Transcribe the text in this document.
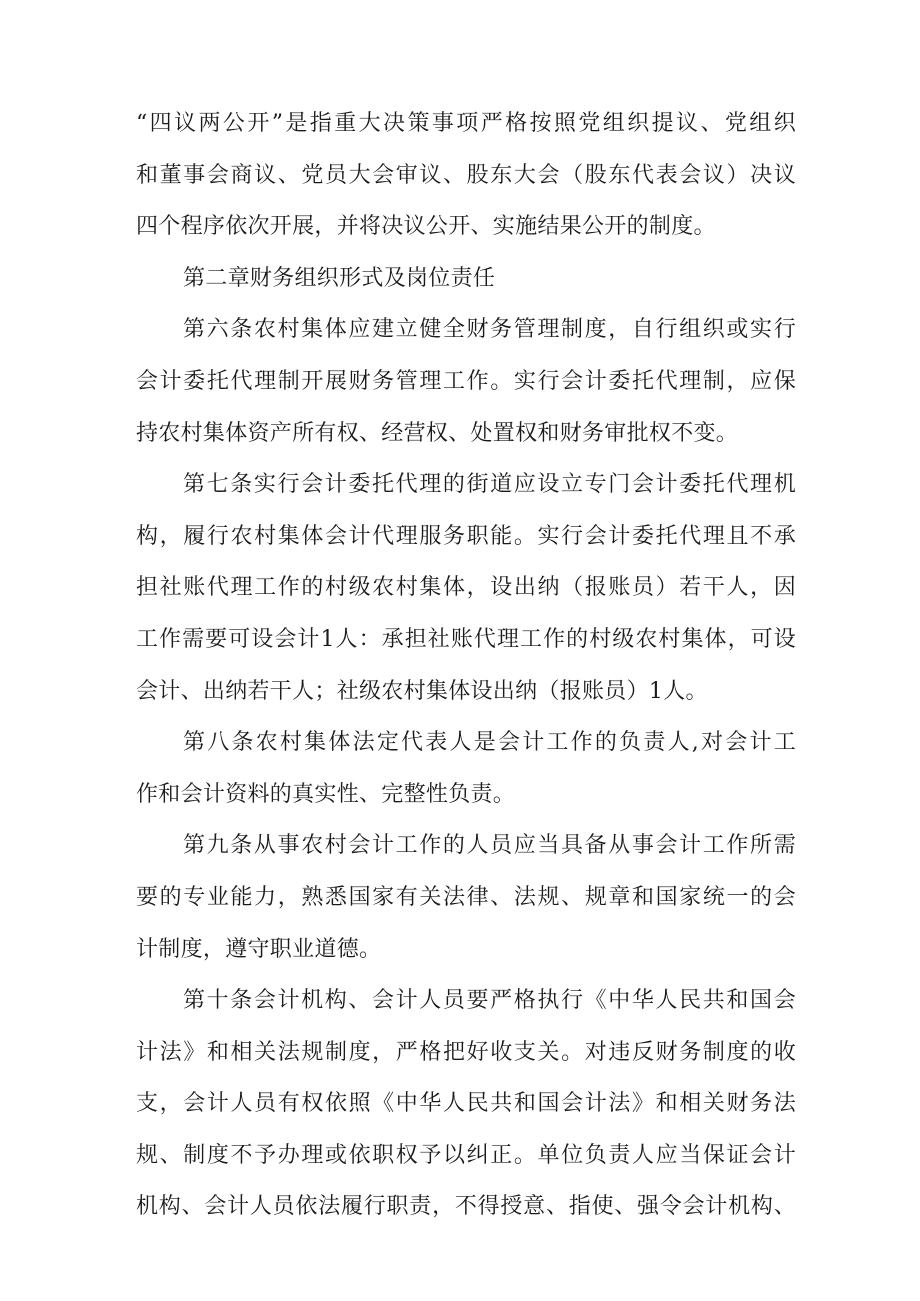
“四议两公开”是指重大决策事项严格按照党组织提议、党组织
和董事会商议、党员大会审议、股东大会（股东代表会议）决议
四个程序依次开展，并将决议公开、实施结果公开的制度。
第二章财务组织形式及岗位责任
第六条农村集体应建立健全财务管理制度，自行组织或实行
会计委托代理制开展财务管理工作。实行会计委托代理制，应保
持农村集体资产所有权、经营权、处置权和财务审批权不变。
第七条实行会计委托代理的街道应设立专门会计委托代理机
构，履行农村集体会计代理服务职能。实行会计委托代理且不承
担社账代理工作的村级农村集体，设出纳（报账员）若干人，因
工作需要可设会计1人：承担社账代理工作的村级农村集体，可设
会计、出纳若干人；社级农村集体设出纳（报账员）1人。
第八条农村集体法定代表人是会计工作的负责人,对会计工
作和会计资料的真实性、完整性负责。
第九条从事农村会计工作的人员应当具备从事会计工作所需
要的专业能力，熟悉国家有关法律、法规、规章和国家统一的会
计制度，遵守职业道德。
第十条会计机构、会计人员要严格执行《中华人民共和国会
计法》和相关法规制度，严格把好收支关。对违反财务制度的收
支，会计人员有权依照《中华人民共和国会计法》和相关财务法
规、制度不予办理或依职权予以纠正。单位负责人应当保证会计
机构、会计人员依法履行职责，不得授意、指使、强令会计机构、
